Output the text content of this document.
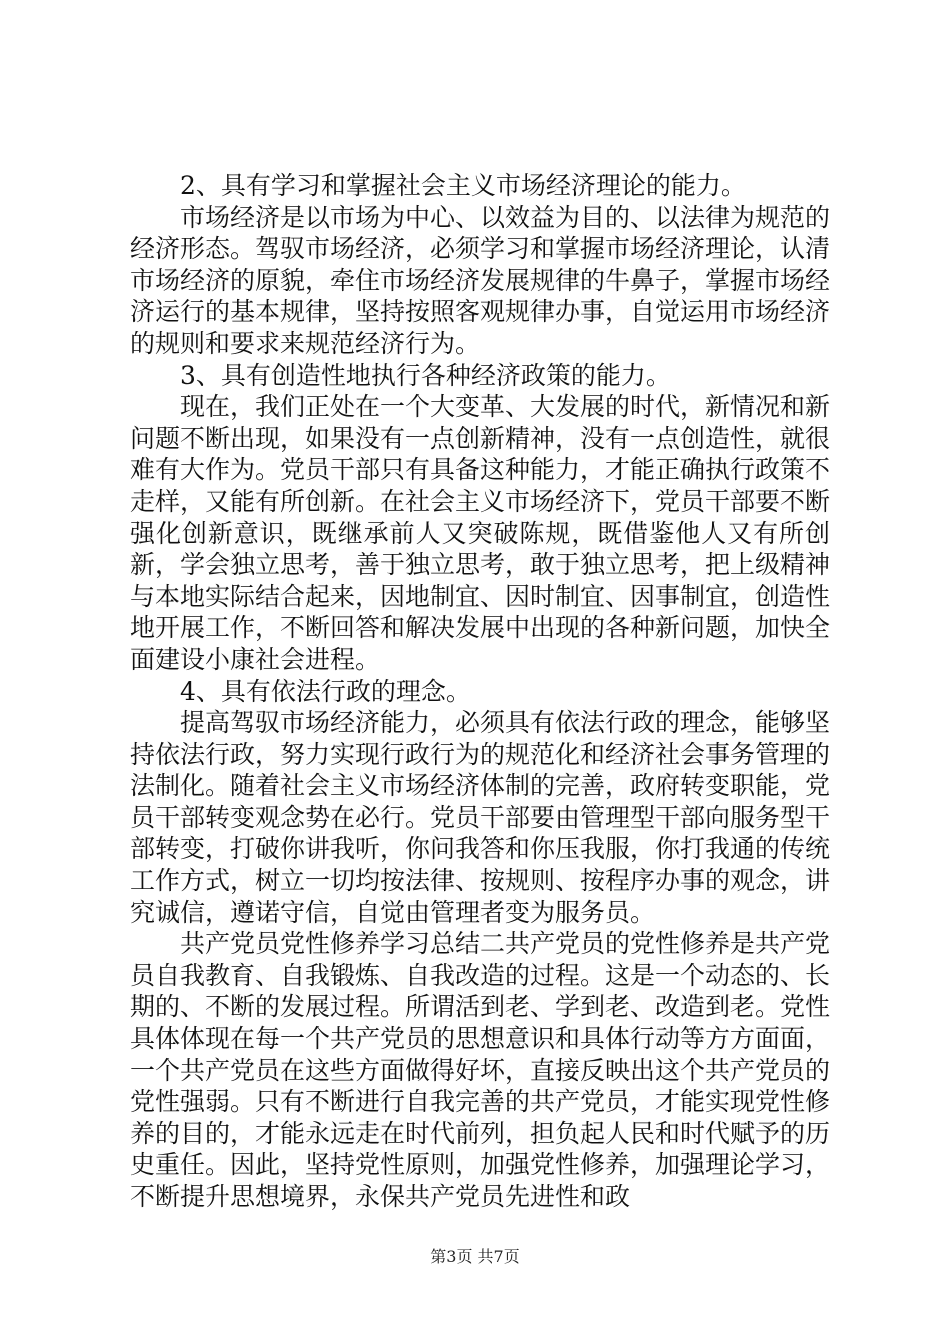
2、具有学习和掌握社会主义市场经济理论的能力。

市场经济是以市场为中心、以效益为目的、以法律为规范的经济形态。驾驭市场经济，必须学习和掌握市场经济理论，认清市场经济的原貌，牵住市场经济发展规律的牛鼻子，掌握市场经济运行的基本规律，坚持按照客观规律办事，自觉运用市场经济的规则和要求来规范经济行为。

3、具有创造性地执行各种经济政策的能力。

现在，我们正处在一个大变革、大发展的时代，新情况和新问题不断出现，如果没有一点创新精神，没有一点创造性，就很难有大作为。党员干部只有具备这种能力，才能正确执行政策不走样，又能有所创新。在社会主义市场经济下，党员干部要不断强化创新意识，既继承前人又突破陈规，既借鉴他人又有所创新，学会独立思考，善于独立思考，敢于独立思考，把上级精神与本地实际结合起来，因地制宜、因时制宜、因事制宜，创造性地开展工作，不断回答和解决发展中出现的各种新问题，加快全面建设小康社会进程。

4、具有依法行政的理念。

提高驾驭市场经济能力，必须具有依法行政的理念，能够坚持依法行政，努力实现行政行为的规范化和经济社会事务管理的法制化。随着社会主义市场经济体制的完善，政府转变职能，党员干部转变观念势在必行。党员干部要由管理型干部向服务型干部转变，打破你讲我听，你问我答和你压我服，你打我通的传统工作方式，树立一切均按法律、按规则、按程序办事的观念，讲究诚信，遵诺守信，自觉由管理者变为服务员。

共产党员党性修养学习总结二共产党员的党性修养是共产党员自我教育、自我锻炼、自我改造的过程。这是一个动态的、长期的、不断的发展过程。所谓活到老、学到老、改造到老。党性具体体现在每一个共产党员的思想意识和具体行动等方方面面，一个共产党员在这些方面做得好坏，直接反映出这个共产党员的党性强弱。只有不断进行自我完善的共产党员，才能实现党性修养的目的，才能永远走在时代前列，担负起人民和时代赋予的历史重任。因此，坚持党性原则，加强党性修养，加强理论学习，不断提升思想境界，永保共产党员先进性和政

第3页 共7页
